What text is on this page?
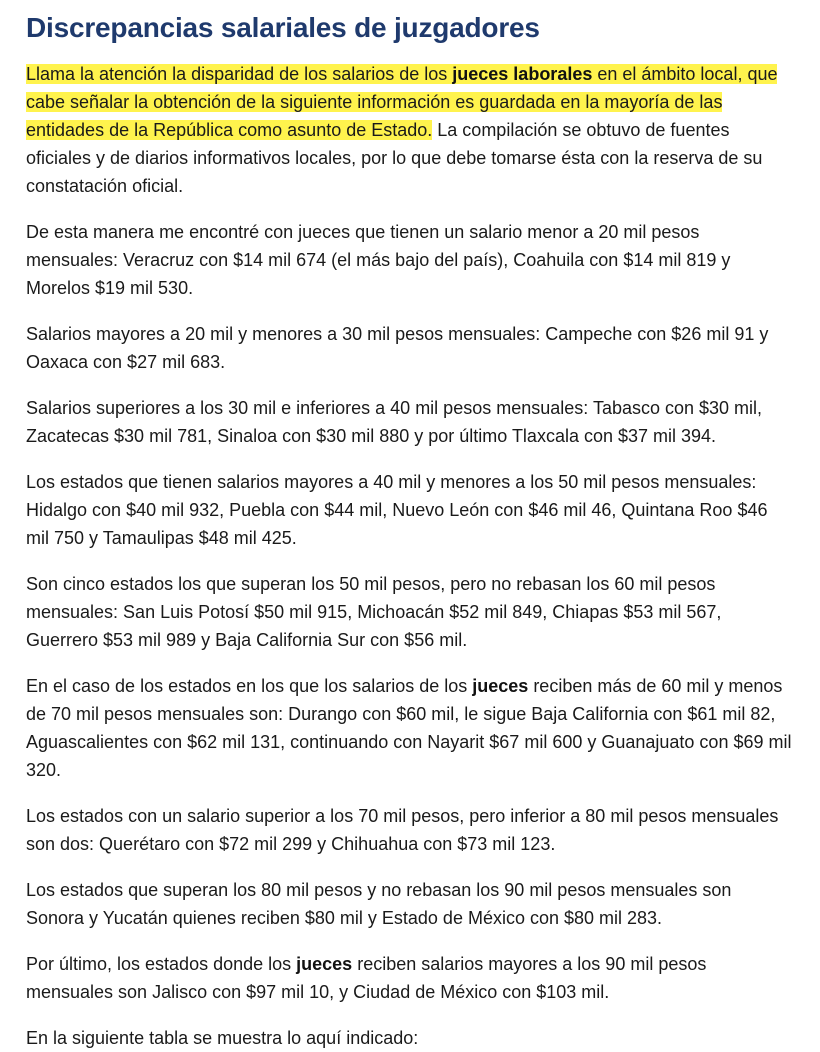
Discrepancias salariales de juzgadores

Llama la atención la disparidad de los salarios de los jueces laborales en el ámbito local, que cabe señalar la obtención de la siguiente información es guardada en la mayoría de las entidades de la República como asunto de Estado. La compilación se obtuvo de fuentes oficiales y de diarios informativos locales, por lo que debe tomarse ésta con la reserva de su constatación oficial.

De esta manera me encontré con jueces que tienen un salario menor a 20 mil pesos mensuales: Veracruz con $14 mil 674 (el más bajo del país), Coahuila con $14 mil 819 y Morelos $19 mil 530.

Salarios mayores a 20 mil y menores a 30 mil pesos mensuales: Campeche con $26 mil 91 y Oaxaca con $27 mil 683.

Salarios superiores a los 30 mil e inferiores a 40 mil pesos mensuales: Tabasco con $30 mil, Zacatecas $30 mil 781, Sinaloa con $30 mil 880 y por último Tlaxcala con $37 mil 394.

Los estados que tienen salarios mayores a 40 mil y menores a los 50 mil pesos mensuales: Hidalgo con $40 mil 932, Puebla con $44 mil, Nuevo León con $46 mil 46, Quintana Roo $46 mil 750 y Tamaulipas $48 mil 425.

Son cinco estados los que superan los 50 mil pesos, pero no rebasan los 60 mil pesos mensuales: San Luis Potosí $50 mil 915, Michoacán $52 mil 849, Chiapas $53 mil 567, Guerrero $53 mil 989 y Baja California Sur con $56 mil.

En el caso de los estados en los que los salarios de los jueces reciben más de 60 mil y menos de 70 mil pesos mensuales son: Durango con $60 mil, le sigue Baja California con $61 mil 82, Aguascalientes con $62 mil 131, continuando con Nayarit $67 mil 600 y Guanajuato con $69 mil 320.

Los estados con un salario superior a los 70 mil pesos, pero inferior a 80 mil pesos mensuales son dos: Querétaro con $72 mil 299 y Chihuahua con $73 mil 123.

Los estados que superan los 80 mil pesos y no rebasan los 90 mil pesos mensuales son Sonora y Yucatán quienes reciben $80 mil y Estado de México con $80 mil 283.

Por último, los estados donde los jueces reciben salarios mayores a los 90 mil pesos mensuales son Jalisco con $97 mil 10, y Ciudad de México con $103 mil.

En la siguiente tabla se muestra lo aquí indicado:
